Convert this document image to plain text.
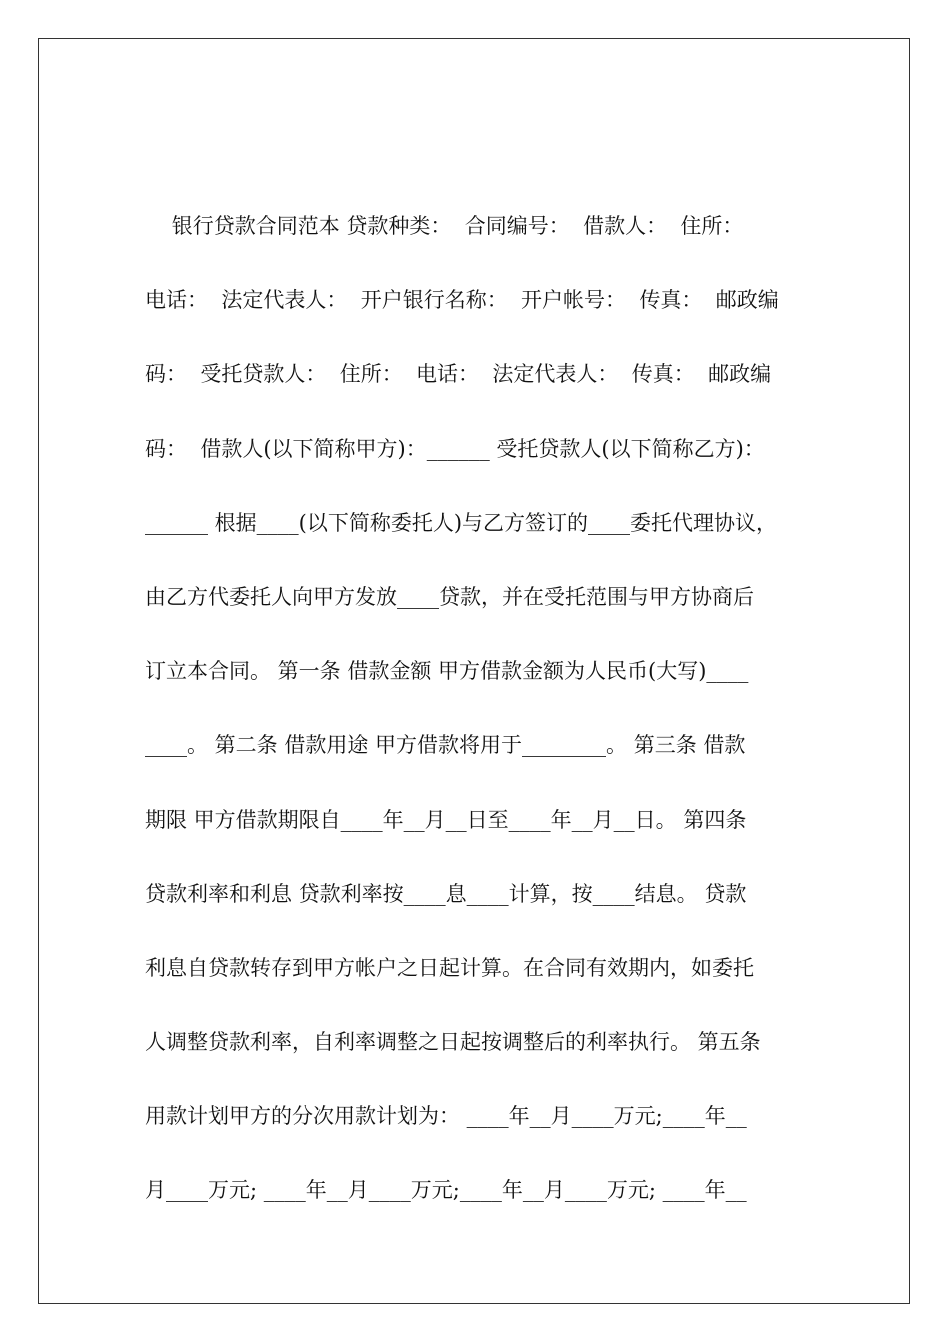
银行贷款合同范本 贷款种类：  合同编号：  借款人：  住所：
电话：  法定代表人：  开户银行名称：  开户帐号：  传真：  邮政编
码：  受托贷款人：  住所：  电话：  法定代表人：  传真：  邮政编
码：  借款人(以下简称甲方)：______ 受托贷款人(以下简称乙方)：
______ 根据____(以下简称委托人)与乙方签订的____委托代理协议，
由乙方代委托人向甲方发放____贷款，并在受托范围与甲方协商后
订立本合同。 第一条 借款金额 甲方借款金额为人民币(大写)____
____。 第二条 借款用途 甲方借款将用于________。 第三条 借款
期限 甲方借款期限自____年__月__日至____年__月__日。 第四条
贷款利率和利息 贷款利率按____息____计算，按____结息。 贷款
利息自贷款转存到甲方帐户之日起计算。在合同有效期内，如委托
人调整贷款利率，自利率调整之日起按调整后的利率执行。 第五条
用款计划甲方的分次用款计划为： ____年__月____万元;____年__
月____万元; ____年__月____万元;____年__月____万元; ____年__
